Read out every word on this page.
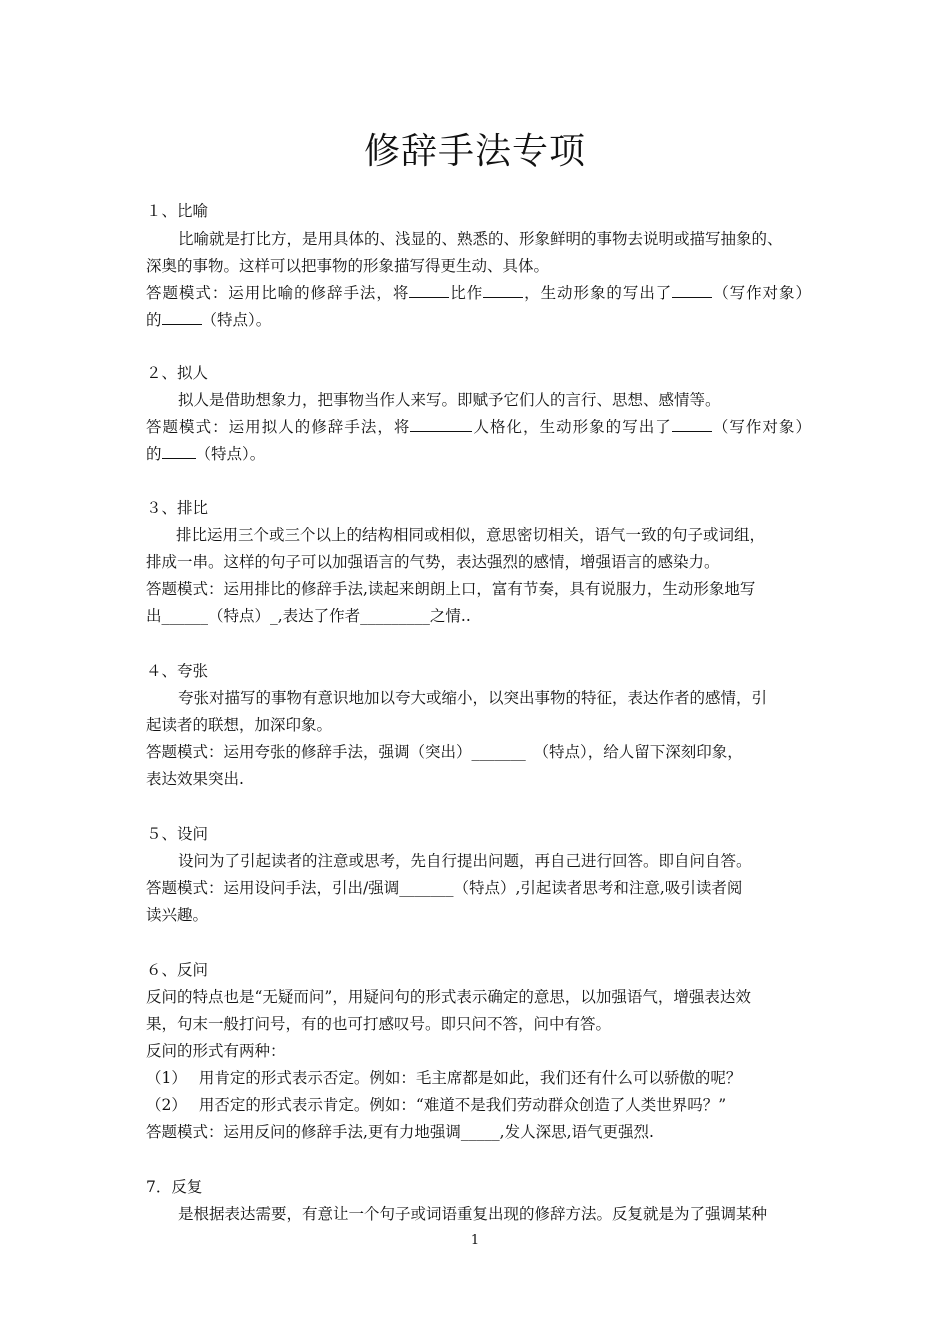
修辞手法专项
１、比喻
比喻就是打比方，是用具体的、浅显的、熟悉的、形象鲜明的事物去说明或描写抽象的、
深奥的事物。这样可以把事物的形象描写得更生动、具体。
答题模式：运用比喻的修辞手法，将	比作	，生动形象的写出了	（写作对象）
的	（特点）。
２、拟人
拟人是借助想象力，把事物当作人来写。即赋予它们人的言行、思想、感情等。
答题模式：运用拟人的修辞手法，将	人格化，生动形象的写出了	（写作对象）
的 （特点）。
３、排比
排比运用三个或三个以上的结构相同或相似，意思密切相关，语气一致的句子或词组，
排成一串。这样的句子可以加强语言的气势，表达强烈的感情，增强语言的感染力。
答题模式：运用排比的修辞手法,读起来朗朗上口，富有节奏，具有说服力，生动形象地写
出______（特点）_,表达了作者_________之情..
４、夸张
夸张对描写的事物有意识地加以夸大或缩小，以突出事物的特征，表达作者的感情，引
起读者的联想，加深印象。
答题模式：运用夸张的修辞手法，强调（突出）_______　（特点），给人留下深刻印象，
表达效果突出.
５、设问
设问为了引起读者的注意或思考，先自行提出问题，再自己进行回答。即自问自答。
答题模式：运用设问手法，引出/强调_______（特点）,引起读者思考和注意,吸引读者阅
读兴趣。
６、反问
反问的特点也是“无疑而问”，用疑问句的形式表示确定的意思，以加强语气，增强表达效
果，句末一般打问号，有的也可打感叹号。即只问不答，问中有答。
反问的形式有两种：
（1） 用肯定的形式表示否定。例如：毛主席都是如此，我们还有什么可以骄傲的呢？
（2） 用否定的形式表示肯定。例如：“难道不是我们劳动群众创造了人类世界吗？”
答题模式：运用反问的修辞手法,更有力地强调_____,发人深思,语气更强烈.
7．反复
是根据表达需要，有意让一个句子或词语重复出现的修辞方法。反复就是为了强调某种
1
